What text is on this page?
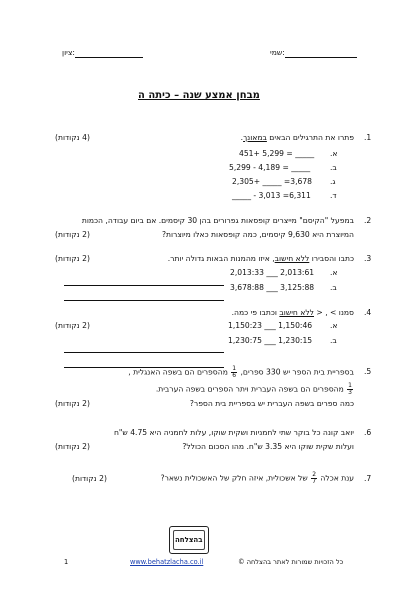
:שמי
:ציון
מבחן אמצע שנה – כיתה ה
.1
פתרו את התרגילים הבאים במאונך.
(4 נקודות)
.א
451+ 5,299 = _____
.ב
5,299 - 4,189 = _____
.ג
2,305+ _____ =3,678
.ד
_____ - 3,013 =6,311
.2
במפעל "הקיסם" מייצרים קופסאות גפרורים בהן 30 קיסמים. אם ביום עבודה, הכמות
המיוצרת היא 9,630 קיסמים, כמה קופסאות כאלו מיוצרות?
(2 נקודות)
.3
כתבו והסבירו ללא חישוב, איזו מהמנות הבאות גדולה יותר.
(2 נקודות)
.א
2,013:33 ___ 2,013:61
.ב
3,678:88 ___ 3,125:88
.4
סמנו > , < ללא חישוב וכתבו פי כמה.
(2 נקודות)	.א
1,150:23 ___ 1,150:46
.ב
1,230:75 ___ 1,230:15
.5
בספריית בית הספר יש 330 ספרים,
$\frac{1}{6}$
מהספרים הם בשפה האנגלית ,
$\frac{1}{3}$
מהספרים הם בשפה העברית ויתר הספרים בשפה הערבית.
כמה ספרים בשפה העברית יש בספריית בית הספר?
(2 נקודות)
.6
יואב קונה כל בוקר שתי לחמניות ושקית שוקו, עלות לחמניה היא 4.75 ש"ח
ועלות שקית שוקו היא 3.35 ש"ח. מהו הסכום הכולל?
(2 נקודות)
.7
ענת אכלה
$\frac{2}{7}$
של אשכולית, איזה חלק של האשכולית נשאר?
(2 נקודות)
בהצלחה
1	www.behatzlacha.co.il	כל הזכויות שמורות לאתר בהצלחה ©
